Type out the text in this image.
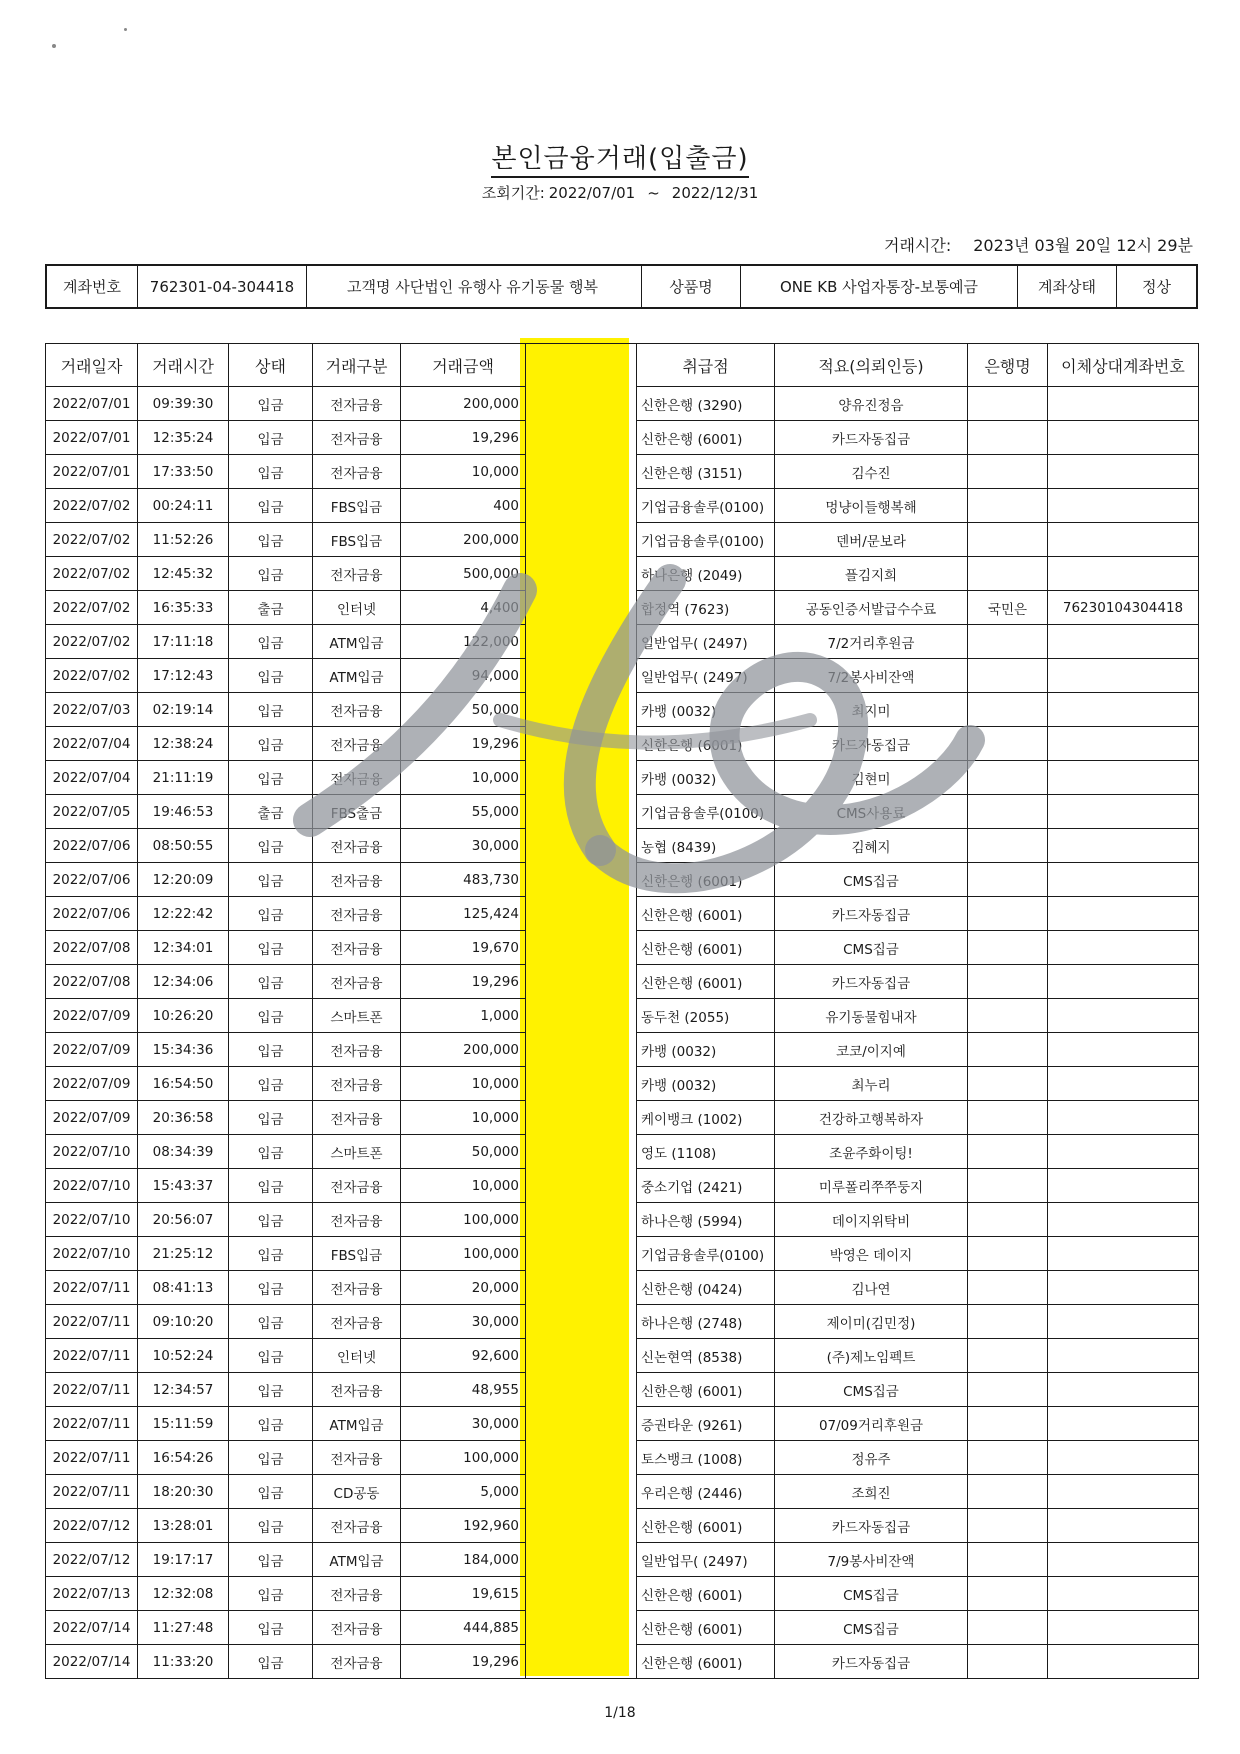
본인금융거래(입출금)
조회기간: 2022/07/01 ~ 2022/12/31
거래시간: 2023년 03월 20일 12시 29분
계좌번호	762301-04-304418	고객명 사단법인 유행사 유기동물 행복	상품명	ONE KB 사업자통장-보통예금	계좌상태	정상
거래일자	거래시간	상태	거래구분	거래금액		취급점	적요(의뢰인등)	은행명	이체상대계좌번호
2022/07/01	09:39:30	입금	전자금융	200,000		신한은행 (3290)	양유진정음		
2022/07/01	12:35:24	입금	전자금융	19,296		신한은행 (6001)	카드자동집금		
2022/07/01	17:33:50	입금	전자금융	10,000		신한은행 (3151)	김수진		
2022/07/02	00:24:11	입금	FBS입금	400		기업금융솔루(0100)	멍냥이들행복해		
2022/07/02	11:52:26	입금	FBS입금	200,000		기업금융솔루(0100)	덴버/문보라		
2022/07/02	12:45:32	입금	전자금융	500,000		하나은행 (2049)	플김지희		
2022/07/02	16:35:33	출금	인터넷	4,400		합정역 (7623)	공동인증서발급수수료	국민은	76230104304418
2022/07/02	17:11:18	입금	ATM입금	122,000		일반업무( (2497)	7/2거리후원금		
2022/07/02	17:12:43	입금	ATM입금	94,000		일반업무( (2497)	7/2봉사비잔액		
2022/07/03	02:19:14	입금	전자금융	50,000		카뱅 (0032)	최지미		
2022/07/04	12:38:24	입금	전자금융	19,296		신한은행 (6001)	카드자동집금		
2022/07/04	21:11:19	입금	전자금융	10,000		카뱅 (0032)	김현미		
2022/07/05	19:46:53	출금	FBS출금	55,000		기업금융솔루(0100)	CMS사용료		
2022/07/06	08:50:55	입금	전자금융	30,000		농협 (8439)	김혜지		
2022/07/06	12:20:09	입금	전자금융	483,730		신한은행 (6001)	CMS집금		
2022/07/06	12:22:42	입금	전자금융	125,424		신한은행 (6001)	카드자동집금		
2022/07/08	12:34:01	입금	전자금융	19,670		신한은행 (6001)	CMS집금		
2022/07/08	12:34:06	입금	전자금융	19,296		신한은행 (6001)	카드자동집금		
2022/07/09	10:26:20	입금	스마트폰	1,000		동두천 (2055)	유기동물힘내자		
2022/07/09	15:34:36	입금	전자금융	200,000		카뱅 (0032)	코코/이지예		
2022/07/09	16:54:50	입금	전자금융	10,000		카뱅 (0032)	최누리		
2022/07/09	20:36:58	입금	전자금융	10,000		케이뱅크 (1002)	건강하고행복하자		
2022/07/10	08:34:39	입금	스마트폰	50,000		영도 (1108)	조윤주화이팅!		
2022/07/10	15:43:37	입금	전자금융	10,000		중소기업 (2421)	미루폴리쭈쭈둥지		
2022/07/10	20:56:07	입금	전자금융	100,000		하나은행 (5994)	데이지위탁비		
2022/07/10	21:25:12	입금	FBS입금	100,000		기업금융솔루(0100)	박영은 데이지		
2022/07/11	08:41:13	입금	전자금융	20,000		신한은행 (0424)	김나연		
2022/07/11	09:10:20	입금	전자금융	30,000		하나은행 (2748)	제이미(김민정)		
2022/07/11	10:52:24	입금	인터넷	92,600		신논현역 (8538)	(주)제노임펙트		
2022/07/11	12:34:57	입금	전자금융	48,955		신한은행 (6001)	CMS집금		
2022/07/11	15:11:59	입금	ATM입금	30,000		증권타운 (9261)	07/09거리후원금		
2022/07/11	16:54:26	입금	전자금융	100,000		토스뱅크 (1008)	정유주		
2022/07/11	18:20:30	입금	CD공동	5,000		우리은행 (2446)	조희진		
2022/07/12	13:28:01	입금	전자금융	192,960		신한은행 (6001)	카드자동집금		
2022/07/12	19:17:17	입금	ATM입금	184,000		일반업무( (2497)	7/9봉사비잔액		
2022/07/13	12:32:08	입금	전자금융	19,615		신한은행 (6001)	CMS집금		
2022/07/14	11:27:48	입금	전자금융	444,885		신한은행 (6001)	CMS집금		
2022/07/14	11:33:20	입금	전자금융	19,296		신한은행 (6001)	카드자동집금		
1/18
